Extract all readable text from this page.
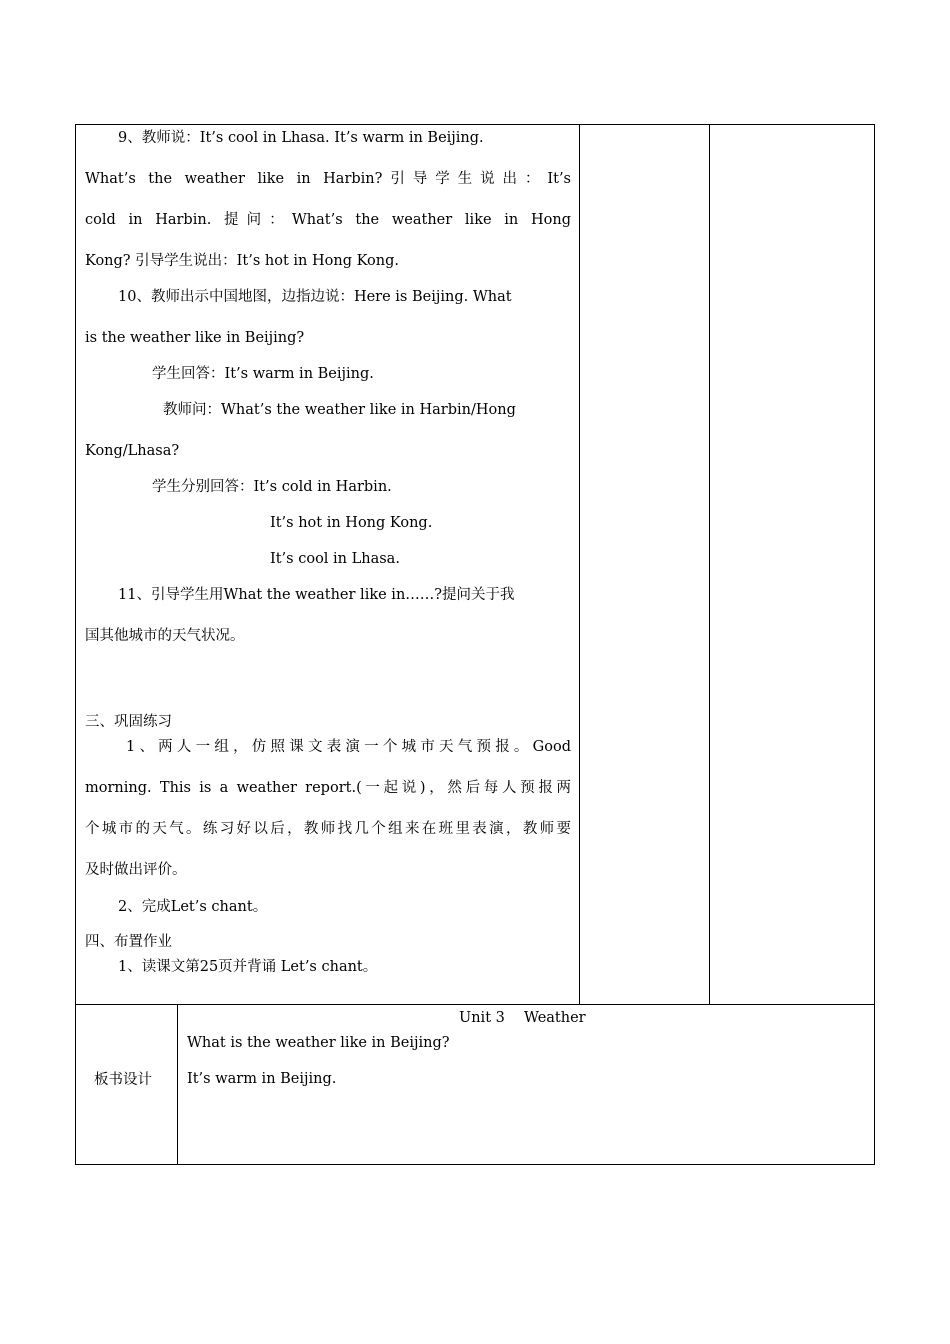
9、教师说：It’s cool in Lhasa. It’s warm in Beijing.
What’s the weather like in Harbin?引导学生说出：It’s
cold in Harbin. 提问：What’s the weather like in Hong
Kong? 引导学生说出：It’s hot in Hong Kong.
10、教师出示中国地图，边指边说：Here is Beijing. What
is the weather like in Beijing?
学生回答：It’s warm in Beijing.
教师问：What’s the weather like in Harbin/Hong
Kong/Lhasa?
学生分别回答：It’s cold in Harbin.
It’s hot in Hong Kong.
It’s cool in Lhasa.
11、引导学生用What the weather like in……?提问关于我
国其他城市的天气状况。
三、巩固练习
1、两人一组，仿照课文表演一个城市天气预报。Good
morning. This is a weather report.(一起说)，然后每人预报两
个城市的天气。练习好以后，教师找几个组来在班里表演，教师要
及时做出评价。
2、完成Let’s chant。
四、布置作业
1、读课文第25页并背诵 Let’s chant。
板书设计
Unit 3　 Weather
What is the weather like in Beijing?
It’s warm in Beijing.
